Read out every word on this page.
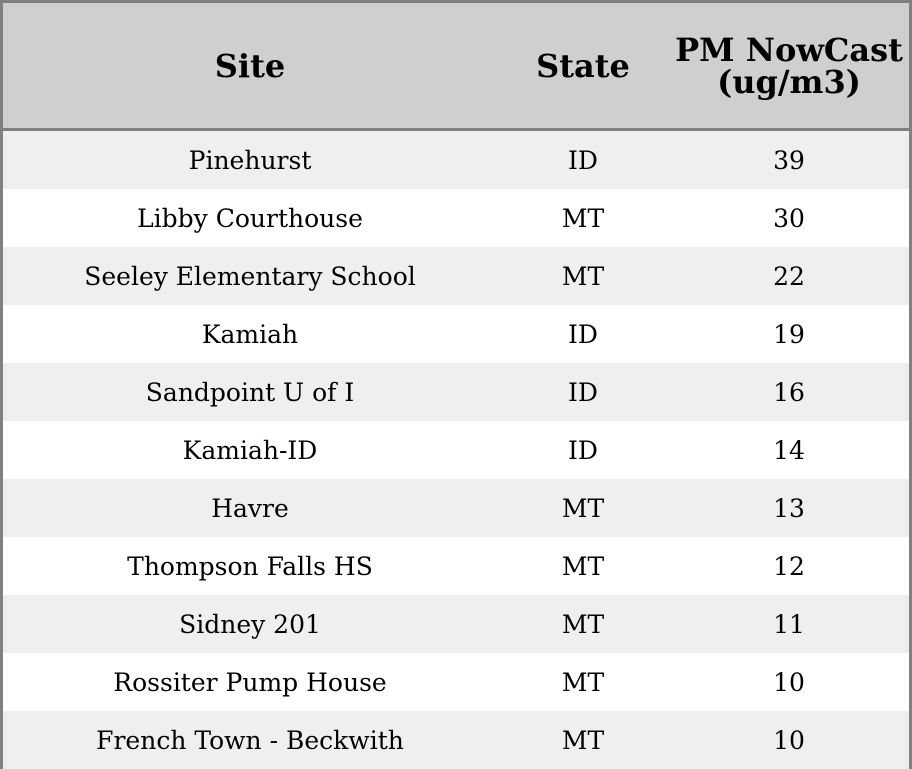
Site	State	PM NowCast (ug/m3)
Pinehurst	ID	39
Libby Courthouse	MT	30
Seeley Elementary School	MT	22
Kamiah	ID	19
Sandpoint U of I	ID	16
Kamiah-ID	ID	14
Havre	MT	13
Thompson Falls HS	MT	12
Sidney 201	MT	11
Rossiter Pump House	MT	10
French Town - Beckwith	MT	10
